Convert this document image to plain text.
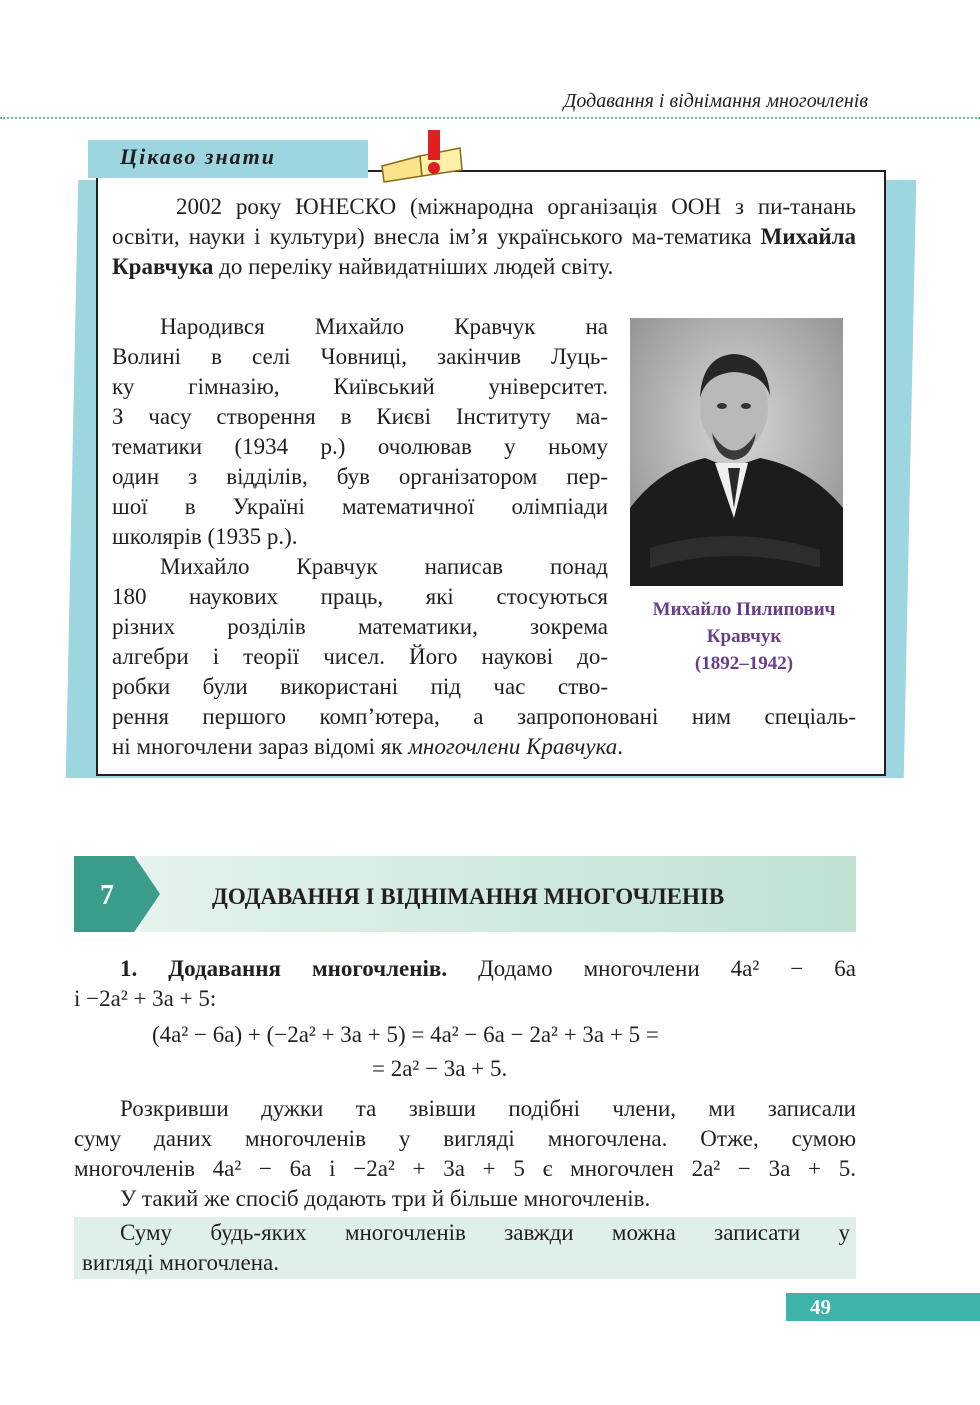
Додавання і віднімання многочленів
Цікаво знати

2002 року ЮНЕСКО (міжнародна організація ООН з пи-танань освіти, науки і культури) внесла ім’я українського ма-тематика Михайла Кравчука до переліку найвидатніших людей світу.

Народився Михайло Кравчук на
Волині в селі Човниці, закінчив Луць-
ку гімназію, Київський університет.
З часу створення в Києві Інституту ма-
тематики (1934 р.) очолював у ньому
один з відділів, був організатором пер-
шої в Україні математичної олімпіади
школярів (1935 р.).
Михайло Кравчук написав понад
180 наукових праць, які стосуються
різних розділів математики, зокрема
алгебри і теорії чисел. Його наукові до-
робки були використані під час ство-
рення першого комп’ютера, а запропоновані ним спеціаль-
ні многочлени зараз відомі як многочлени Кравчука.
Михайло Пилипович
Кравчук
(1892–1942)
7	ДОДАВАННЯ І ВІДНІМАННЯ МНОГОЧЛЕНІВ
1. Додавання многочленів. Додамо многочлени 4a² − 6a
і −2a² + 3a + 5:
(4a² − 6a) + (−2a² + 3a + 5) = 4a² − 6a − 2a² + 3a + 5 =
= 2a² − 3a + 5.
Розкривши дужки та звівши подібні члени, ми записали
суму даних многочленів у вигляді многочлена. Отже, сумою
многочленів 4a² − 6a і −2a² + 3a + 5 є многочлен 2a² − 3a + 5.
У такий же спосіб додають три й більше многочленів.
Суму будь-яких многочленів завжди можна записати у
вигляді многочлена.
49
